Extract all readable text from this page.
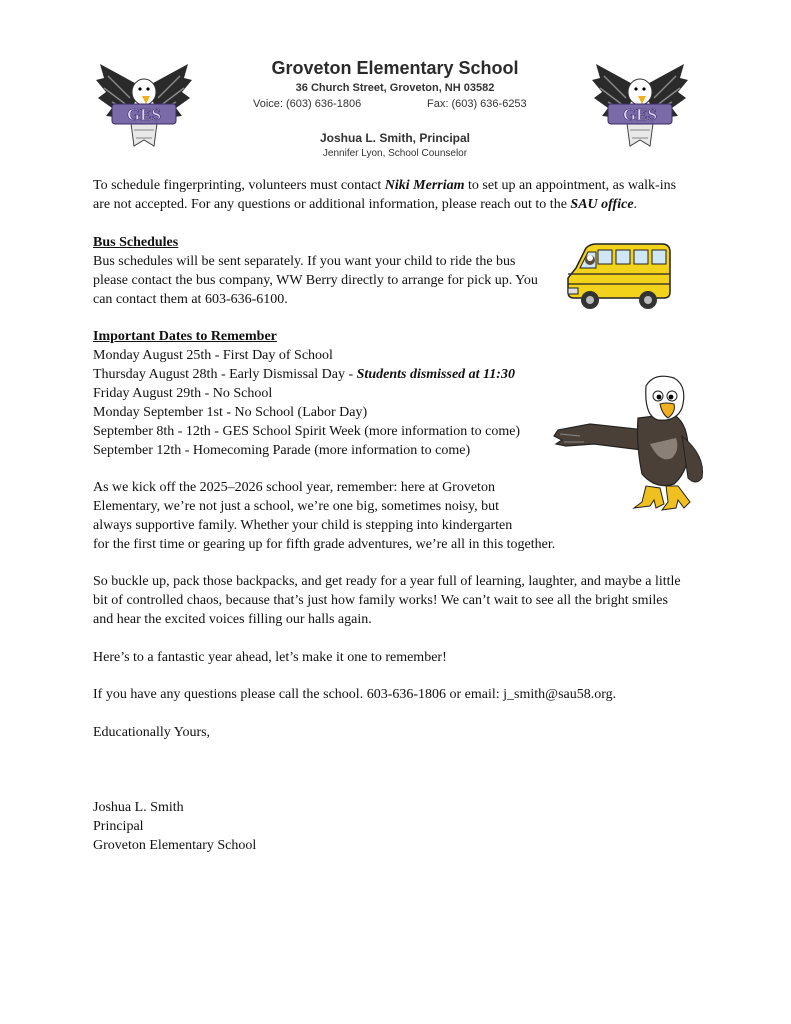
GES	GES
Groveton Elementary School
36 Church Street, Groveton, NH 03582
Voice: (603) 636-1806	Fax: (603) 636-6253
Joshua L. Smith, Principal
Jennifer Lyon, School Counselor
To schedule fingerprinting, volunteers must contact Niki Merriam to set up an appointment, as walk-ins
are not accepted. For any questions or additional information, please reach out to the SAU office.
Bus Schedules
Bus schedules will be sent separately. If you want your child to ride the bus
please contact the bus company, WW Berry directly to arrange for pick up. You
can contact them at 603-636-6100.
Important Dates to Remember
Monday August 25th - First Day of School
Thursday August 28th - Early Dismissal Day - Students dismissed at 11:30
Friday August 29th - No School
Monday September 1st - No School (Labor Day)
September 8th - 12th - GES School Spirit Week (more information to come)
September 12th - Homecoming Parade (more information to come)
As we kick off the 2025–2026 school year, remember: here at Groveton
Elementary, we’re not just a school, we’re one big, sometimes noisy, but
always supportive family. Whether your child is stepping into kindergarten
for the first time or gearing up for fifth grade adventures, we’re all in this together.
So buckle up, pack those backpacks, and get ready for a year full of learning, laughter, and maybe a little
bit of controlled chaos, because that’s just how family works! We can’t wait to see all the bright smiles
and hear the excited voices filling our halls again.
Here’s to a fantastic year ahead, let’s make it one to remember!
If you have any questions please call the school. 603-636-1806 or email: j_smith@sau58.org.
Educationally Yours,
Joshua L. Smith
Principal
Groveton Elementary School
